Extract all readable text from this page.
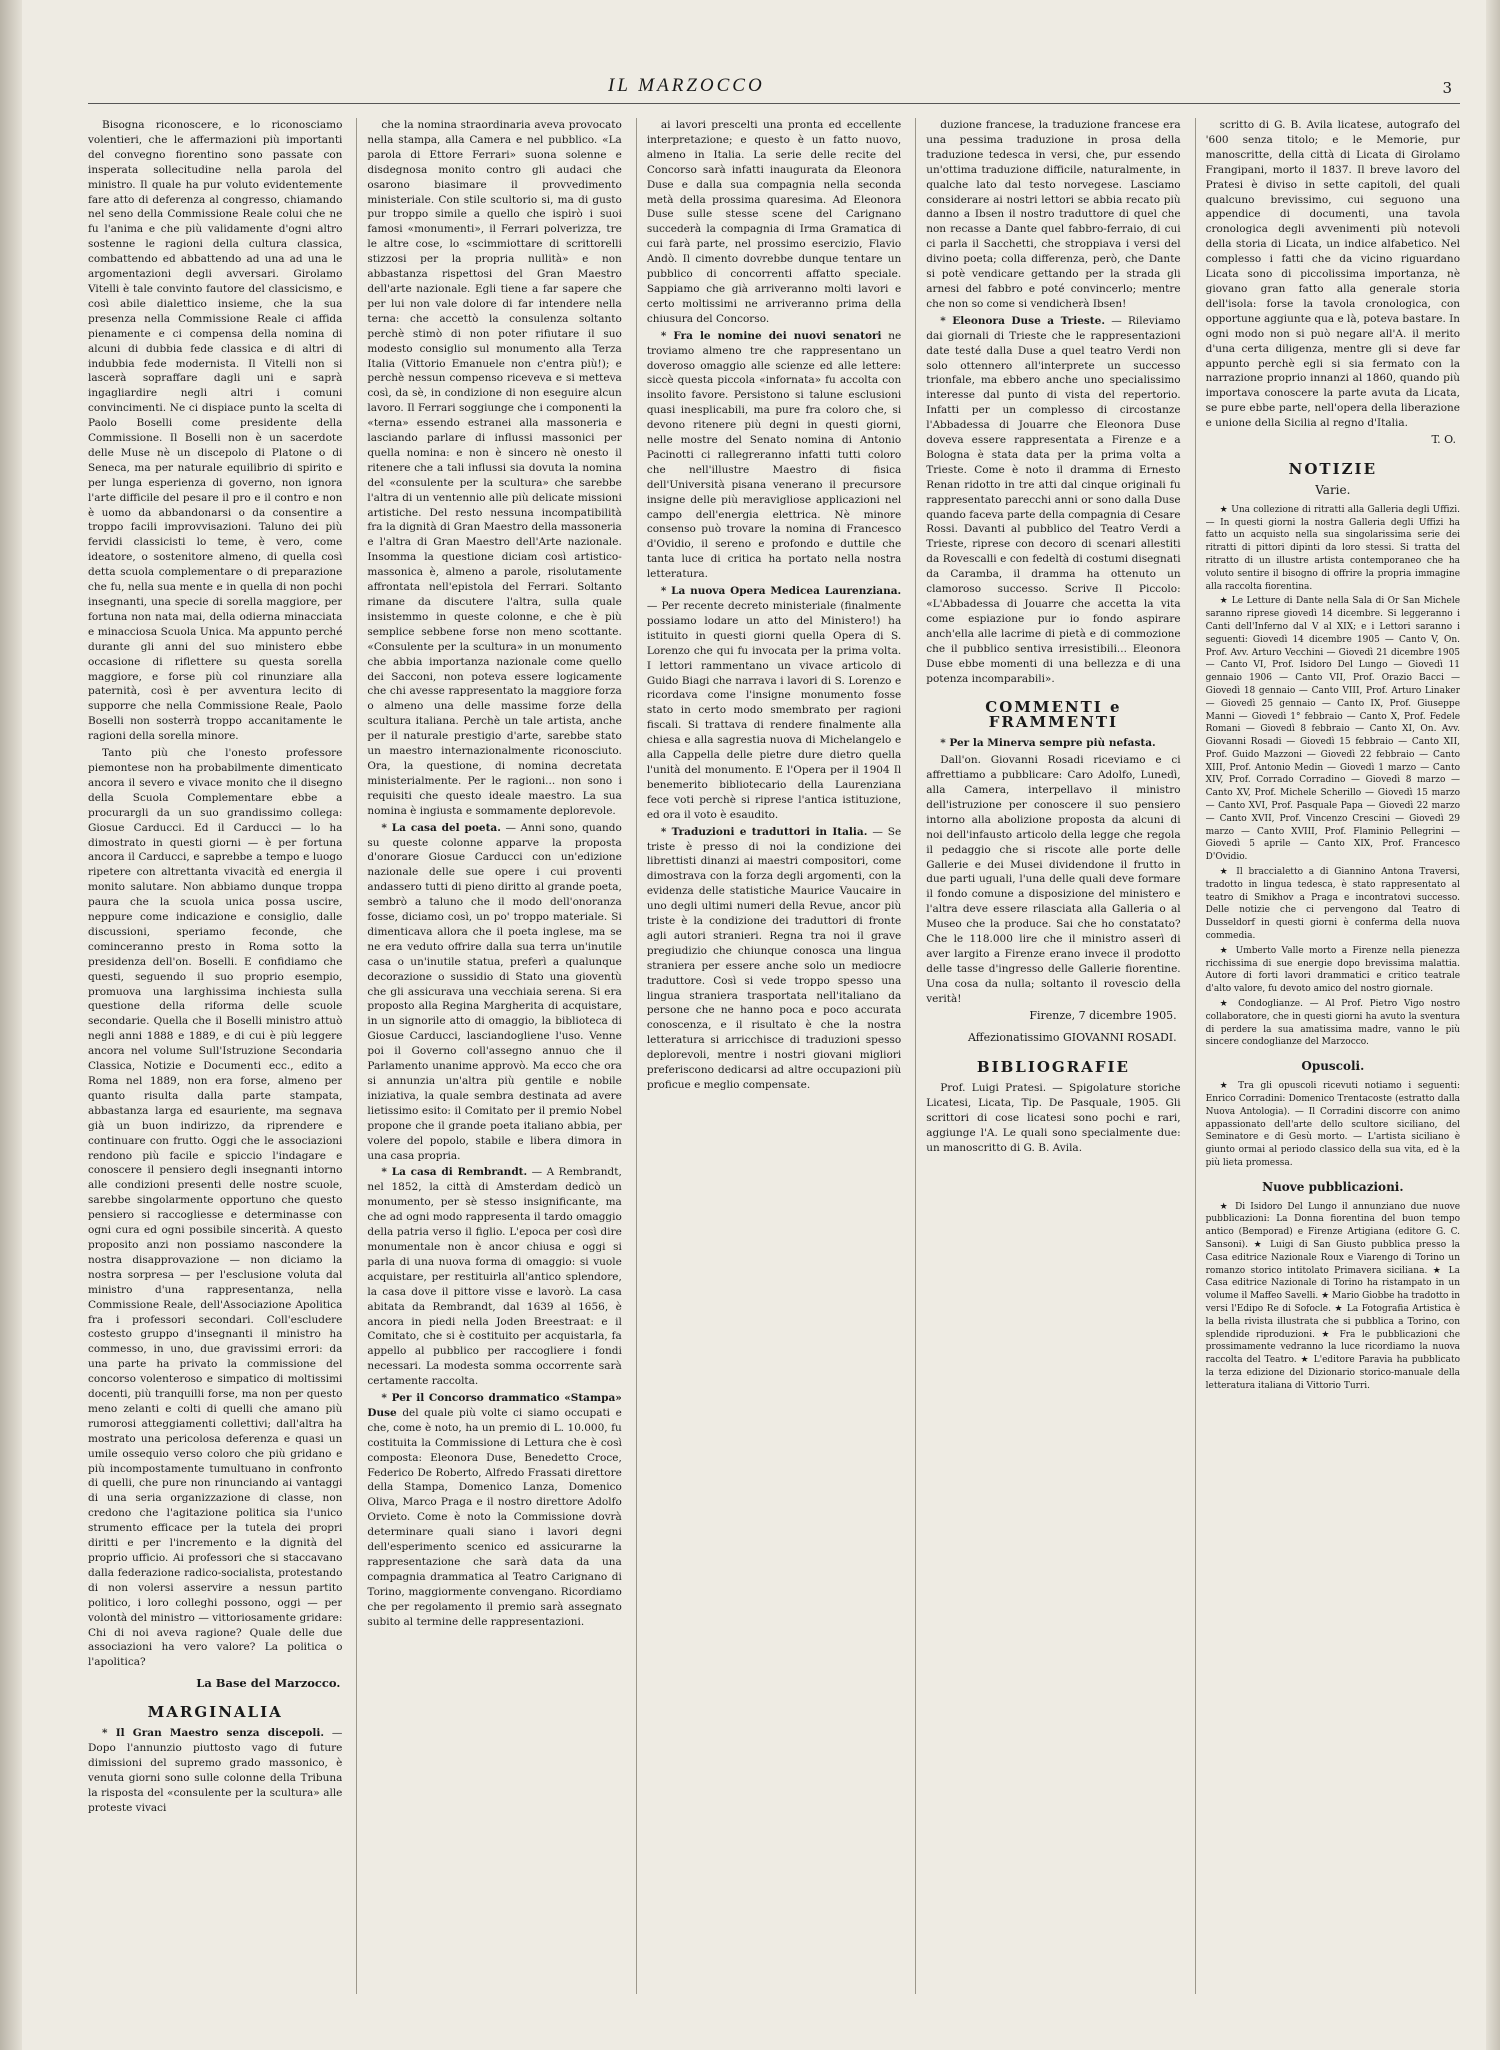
IL MARZOCCO	3

Bisogna riconoscere, e lo riconosciamo volentieri, che le affermazioni più importanti del convegno fiorentino sono passate con insperata sollecitudine nella parola del ministro. Il quale ha pur voluto evidentemente fare atto di deferenza al congresso, chiamando nel seno della Commissione Reale colui che ne fu l'anima e che più validamente d'ogni altro sostenne le ragioni della cultura classica, combattendo ed abbattendo ad una ad una le argomentazioni degli avversari. Girolamo Vitelli è tale convinto fautore del classicismo, e così abile dialettico insieme, che la sua presenza nella Commissione Reale ci affida pienamente e ci compensa della nomina di alcuni di dubbia fede classica e di altri di indubbia fede modernista. Il Vitelli non si lascerà sopraffare dagli uni e saprà ingagliardire negli altri i comuni convincimenti. Ne ci dispiace punto la scelta di Paolo Boselli come presidente della Commissione. Il Boselli non è un sacerdote delle Muse nè un discepolo di Platone o di Seneca, ma per naturale equilibrio di spirito e per lunga esperienza di governo, non ignora l'arte difficile del pesare il pro e il contro e non è uomo da abbandonarsi o da consentire a troppo facili improvvisazioni. Taluno dei più fervidi classicisti lo teme, è vero, come ideatore, o sostenitore almeno, di quella così detta scuola complementare o di preparazione che fu, nella sua mente e in quella di non pochi insegnanti, una specie di sorella maggiore, per fortuna non nata mai, della odierna minacciata e minacciosa Scuola Unica. Ma appunto perché durante gli anni del suo ministero ebbe occasione di riflettere su questa sorella maggiore, e forse più col rinunziare alla paternità, così è per avventura lecito di supporre che nella Commissione Reale, Paolo Boselli non sosterrà troppo accanitamente le ragioni della sorella minore.

Tanto più che l'onesto professore piemontese non ha probabilmente dimenticato ancora il severo e vivace monito che il disegno della Scuola Complementare ebbe a procurargli da un suo grandissimo collega: Giosue Carducci. Ed il Carducci — lo ha dimostrato in questi giorni — è per fortuna ancora il Carducci, e saprebbe a tempo e luogo ripetere con altrettanta vivacità ed energia il monito salutare. Non abbiamo dunque troppa paura che la scuola unica possa uscire, neppure come indicazione e consiglio, dalle discussioni, speriamo feconde, che cominceranno presto in Roma sotto la presidenza dell'on. Boselli. E confidiamo che questi, seguendo il suo proprio esempio, promuova una larghissima inchiesta sulla questione della riforma delle scuole secondarie. Quella che il Boselli ministro attuò negli anni 1888 e 1889, e di cui è più leggere ancora nel volume Sull'Istruzione Secondaria Classica, Notizie e Documenti ecc., edito a Roma nel 1889, non era forse, almeno per quanto risulta dalla parte stampata, abbastanza larga ed esauriente, ma segnava già un buon indirizzo, da riprendere e continuare con frutto. Oggi che le associazioni rendono più facile e spiccio l'indagare e conoscere il pensiero degli insegnanti intorno alle condizioni presenti delle nostre scuole, sarebbe singolarmente opportuno che questo pensiero si raccogliesse e determinasse con ogni cura ed ogni possibile sincerità. A questo proposito anzi non possiamo nascondere la nostra disapprovazione — non diciamo la nostra sorpresa — per l'esclusione voluta dal ministro d'una rappresentanza, nella Commissione Reale, dell'Associazione Apolitica fra i professori secondari. Coll'escludere costesto gruppo d'insegnanti il ministro ha commesso, in uno, due gravissimi errori: da una parte ha privato la commissione del concorso volenteroso e simpatico di moltissimi docenti, più tranquilli forse, ma non per questo meno zelanti e colti di quelli che amano più rumorosi atteggiamenti collettivi; dall'altra ha mostrato una pericolosa deferenza e quasi un umile ossequio verso coloro che più gridano e più incompostamente tumultuano in confronto di quelli, che pure non rinunciando ai vantaggi di una seria organizzazione di classe, non credono che l'agitazione politica sia l'unico strumento efficace per la tutela dei propri diritti e per l'incremento e la dignità del proprio ufficio. Ai professori che si staccavano dalla federazione radico-socialista, protestando di non volersi asservire a nessun partito politico, i loro colleghi possono, oggi — per volontà del ministro — vittoriosamente gridare: Chi di noi aveva ragione? Quale delle due associazioni ha vero valore? La politica o l'apolitica?

La Base del Marzocco.
MARGINALIA

* Il Gran Maestro senza discepoli. — Dopo l'annunzio piuttosto vago di future dimissioni del supremo grado massonico, è venuta giorni sono sulle colonne della Tribuna la risposta del «consulente per la scultura» alle proteste vivaci

che la nomina straordinaria aveva provocato nella stampa, alla Camera e nel pubblico. «La parola di Ettore Ferrari» suona solenne e disdegnosa monito contro gli audaci che osarono biasimare il provvedimento ministeriale. Con stile scultorio si, ma di gusto pur troppo simile a quello che ispirò i suoi famosi «monumenti», il Ferrari polverizza, tre le altre cose, lo «scimmiottare di scrittorelli stizzosi per la propria nullità» e non abbastanza rispettosi del Gran Maestro dell'arte nazionale. Egli tiene a far sapere che per lui non vale dolore di far intendere nella terna: che accettò la consulenza soltanto perchè stimò di non poter rifiutare il suo modesto consiglio sul monumento alla Terza Italia (Vittorio Emanuele non c'entra più!); e perchè nessun compenso riceveva e si metteva così, da sè, in condizione di non eseguire alcun lavoro. Il Ferrari soggiunge che i componenti la «terna» essendo estranei alla massoneria e lasciando parlare di influssi massonici per quella nomina: e non è sincero nè onesto il ritenere che a tali influssi sia dovuta la nomina del «consulente per la scultura» che sarebbe l'altra di un ventennio alle più delicate missioni artistiche. Del resto nessuna incompatibilità fra la dignità di Gran Maestro della massoneria e l'altra di Gran Maestro dell'Arte nazionale. Insomma la questione diciam così artistico-massonica è, almeno a parole, risolutamente affrontata nell'epistola del Ferrari. Soltanto rimane da discutere l'altra, sulla quale insistemmo in queste colonne, e che è più semplice sebbene forse non meno scottante. «Consulente per la scultura» in un monumento che abbia importanza nazionale come quello dei Sacconi, non poteva essere logicamente che chi avesse rappresentato la maggiore forza o almeno una delle massime forze della scultura italiana. Perchè un tale artista, anche per il naturale prestigio d'arte, sarebbe stato un maestro internazionalmente riconosciuto. Ora, la questione, di nomina decretata ministerialmente. Per le ragioni... non sono i requisiti che questo ideale maestro. La sua nomina è ingiusta e sommamente deplorevole.

* La casa del poeta. — Anni sono, quando su queste colonne apparve la proposta d'onorare Giosue Carducci con un'edizione nazionale delle sue opere i cui proventi andassero tutti di pieno diritto al grande poeta, sembrò a taluno che il modo dell'onoranza fosse, diciamo così, un po' troppo materiale. Si dimenticava allora che il poeta inglese, ma se ne era veduto offrire dalla sua terra un'inutile casa o un'inutile statua, preferì a qualunque decorazione o sussidio di Stato una gioventù che gli assicurava una vecchiaia serena. Si era proposto alla Regina Margherita di acquistare, in un signorile atto di omaggio, la biblioteca di Giosue Carducci, lasciandogliene l'uso. Venne poi il Governo coll'assegno annuo che il Parlamento unanime approvò. Ma ecco che ora si annunzia un'altra più gentile e nobile iniziativa, la quale sembra destinata ad avere lietissimo esito: il Comitato per il premio Nobel propone che il grande poeta italiano abbia, per volere del popolo, stabile e libera dimora in una casa propria.

* La casa di Rembrandt. — A Rembrandt, nel 1852, la città di Amsterdam dedicò un monumento, per sè stesso insignificante, ma che ad ogni modo rappresenta il tardo omaggio della patria verso il figlio. L'epoca per così dire monumentale non è ancor chiusa e oggi si parla di una nuova forma di omaggio: si vuole acquistare, per restituirla all'antico splendore, la casa dove il pittore visse e lavorò. La casa abitata da Rembrandt, dal 1639 al 1656, è ancora in piedi nella Joden Breestraat: e il Comitato, che si è costituito per acquistarla, fa appello al pubblico per raccogliere i fondi necessari. La modesta somma occorrente sarà certamente raccolta.

* Per il Concorso drammatico «Stampa» Duse del quale più volte ci siamo occupati e che, come è noto, ha un premio di L. 10.000, fu costituita la Commissione di Lettura che è così composta: Eleonora Duse, Benedetto Croce, Federico De Roberto, Alfredo Frassati direttore della Stampa, Domenico Lanza, Domenico Oliva, Marco Praga e il nostro direttore Adolfo Orvieto. Come è noto la Commissione dovrà determinare quali siano i lavori degni dell'esperimento scenico ed assicurarne la rappresentazione che sarà data da una compagnia drammatica al Teatro Carignano di Torino, maggiormente convengano. Ricordiamo che per regolamento il premio sarà assegnato subito al termine delle rappresentazioni.

ai lavori prescelti una pronta ed eccellente interpretazione; e questo è un fatto nuovo, almeno in Italia. La serie delle recite del Concorso sarà infatti inaugurata da Eleonora Duse e dalla sua compagnia nella seconda metà della prossima quaresima. Ad Eleonora Duse sulle stesse scene del Carignano succederà la compagnia di Irma Gramatica di cui farà parte, nel prossimo esercizio, Flavio Andò. Il cimento dovrebbe dunque tentare un pubblico di concorrenti affatto speciale. Sappiamo che già arriveranno molti lavori e certo moltissimi ne arriveranno prima della chiusura del Concorso.

* Fra le nomine dei nuovi senatori ne troviamo almeno tre che rappresentano un doveroso omaggio alle scienze ed alle lettere: siccè questa piccola «infornata» fu accolta con insolito favore. Persistono si talune esclusioni quasi inesplicabili, ma pure fra coloro che, si devono ritenere più degni in questi giorni, nelle mostre del Senato nomina di Antonio Pacinotti ci rallegreranno infatti tutti coloro che nell'illustre Maestro di fisica dell'Università pisana venerano il precursore insigne delle più meravigliose applicazioni nel campo dell'energia elettrica. Nè minore consenso può trovare la nomina di Francesco d'Ovidio, il sereno e profondo e duttile che tanta luce di critica ha portato nella nostra letteratura.

* La nuova Opera Medicea Laurenziana. — Per recente decreto ministeriale (finalmente possiamo lodare un atto del Ministero!) ha istituito in questi giorni quella Opera di S. Lorenzo che qui fu invocata per la prima volta. I lettori rammentano un vivace articolo di Guido Biagi che narrava i lavori di S. Lorenzo e ricordava come l'insigne monumento fosse stato in certo modo smembrato per ragioni fiscali. Si trattava di rendere finalmente alla chiesa e alla sagrestia nuova di Michelangelo e alla Cappella delle pietre dure dietro quella l'unità del monumento. E l'Opera per il 1904 Il benemerito bibliotecario della Laurenziana fece voti perchè si riprese l'antica istituzione, ed ora il voto è esaudito.

* Traduzioni e traduttori in Italia. — Se triste è presso di noi la condizione dei librettisti dinanzi ai maestri compositori, come dimostrava con la forza degli argomenti, con la evidenza delle statistiche Maurice Vaucaire in uno degli ultimi numeri della Revue, ancor più triste è la condizione dei traduttori di fronte agli autori stranieri. Regna tra noi il grave pregiudizio che chiunque conosca una lingua straniera per essere anche solo un mediocre traduttore. Così si vede troppo spesso una lingua straniera trasportata nell'italiano da persone che ne hanno poca e poco accurata conoscenza, e il risultato è che la nostra letteratura si arricchisce di traduzioni spesso deplorevoli, mentre i nostri giovani migliori preferiscono dedicarsi ad altre occupazioni più proficue e meglio compensate.

duzione francese, la traduzione francese era una pessima traduzione in prosa della traduzione tedesca in versi, che, pur essendo un'ottima traduzione difficile, naturalmente, in qualche lato dal testo norvegese. Lasciamo considerare ai nostri lettori se abbia recato più danno a Ibsen il nostro traduttore di quel che non recasse a Dante quel fabbro-ferraio, di cui ci parla il Sacchetti, che stroppiava i versi del divino poeta; colla differenza, però, che Dante si potè vendicare gettando per la strada gli arnesi del fabbro e poté convincerlo; mentre che non so come si vendicherà Ibsen!

* Eleonora Duse a Trieste. — Rileviamo dai giornali di Trieste che le rappresentazioni date testé dalla Duse a quel teatro Verdi non solo ottennero all'interprete un successo trionfale, ma ebbero anche uno specialissimo interesse dal punto di vista del repertorio. Infatti per un complesso di circostanze l'Abbadessa di Jouarre che Eleonora Duse doveva essere rappresentata a Firenze e a Bologna è stata data per la prima volta a Trieste. Come è noto il dramma di Ernesto Renan ridotto in tre atti dal cinque originali fu rappresentato parecchi anni or sono dalla Duse quando faceva parte della compagnia di Cesare Rossi. Davanti al pubblico del Teatro Verdi a Trieste, riprese con decoro di scenari allestiti da Rovescalli e con fedeltà di costumi disegnati da Caramba, il dramma ha ottenuto un clamoroso successo. Scrive Il Piccolo: «L'Abbadessa di Jouarre che accetta la vita come espiazione pur io fondo aspirare anch'ella alle lacrime di pietà e di commozione che il pubblico sentiva irresistibili... Eleonora Duse ebbe momenti di una bellezza e di una potenza incomparabili».

COMMENTI e FRAMMENTI

* Per la Minerva sempre più nefasta.

Dall'on. Giovanni Rosadi riceviamo e ci affrettiamo a pubblicare: Caro Adolfo, Lunedì, alla Camera, interpellavo il ministro dell'istruzione per conoscere il suo pensiero intorno alla abolizione proposta da alcuni di noi dell'infausto articolo della legge che regola il pedaggio che si riscote alle porte delle Gallerie e dei Musei dividendone il frutto in due parti uguali, l'una delle quali deve formare il fondo comune a disposizione del ministero e l'altra deve essere rilasciata alla Galleria o al Museo che la produce. Sai che ho constatato? Che le 118.000 lire che il ministro asserì di aver largito a Firenze erano invece il prodotto delle tasse d'ingresso delle Gallerie fiorentine. Una cosa da nulla; soltanto il rovescio della verità!

Firenze, 7 dicembre 1905.
Affezionatissimo GIOVANNI ROSADI.
BIBLIOGRAFIE

Prof. Luigi Pratesi. — Spigolature storiche Licatesi, Licata, Tip. De Pasquale, 1905. Gli scrittori di cose licatesi sono pochi e rari, aggiunge l'A. Le quali sono specialmente due: un manoscritto di G. B. Avila.

scritto di G. B. Avila licatese, autografo del '600 senza titolo; e le Memorie, pur manoscritte, della città di Licata di Girolamo Frangipani, morto il 1837. Il breve lavoro del Pratesi è diviso in sette capitoli, del quali qualcuno brevissimo, cui seguono una appendice di documenti, una tavola cronologica degli avvenimenti più notevoli della storia di Licata, un indice alfabetico. Nel complesso i fatti che da vicino riguardano Licata sono di piccolissima importanza, nè giovano gran fatto alla generale storia dell'isola: forse la tavola cronologica, con opportune aggiunte qua e là, poteva bastare. In ogni modo non si può negare all'A. il merito d'una certa diligenza, mentre gli si deve far appunto perchè egli si sia fermato con la narrazione proprio innanzi al 1860, quando più importava conoscere la parte avuta da Licata, se pure ebbe parte, nell'opera della liberazione e unione della Sicilia al regno d'Italia.

T. O.
NOTIZIE
Varie.

★ Una collezione di ritratti alla Galleria degli Uffizi. — In questi giorni la nostra Galleria degli Uffizi ha fatto un acquisto nella sua singolarissima serie dei ritratti di pittori dipinti da loro stessi. Si tratta del ritratto di un illustre artista contemporaneo che ha voluto sentire il bisogno di offrire la propria immagine alla raccolta fiorentina.

★ Le Letture di Dante nella Sala di Or San Michele saranno riprese giovedì 14 dicembre. Si leggeranno i Canti dell'Inferno dal V al XIX; e i Lettori saranno i seguenti: Giovedì 14 dicembre 1905 — Canto V, On. Prof. Avv. Arturo Vecchini — Giovedì 21 dicembre 1905 — Canto VI, Prof. Isidoro Del Lungo — Giovedì 11 gennaio 1906 — Canto VII, Prof. Orazio Bacci — Giovedì 18 gennaio — Canto VIII, Prof. Arturo Linaker — Giovedì 25 gennaio — Canto IX, Prof. Giuseppe Manni — Giovedì 1° febbraio — Canto X, Prof. Fedele Romani — Giovedì 8 febbraio — Canto XI, On. Avv. Giovanni Rosadi — Giovedì 15 febbraio — Canto XII, Prof. Guido Mazzoni — Giovedì 22 febbraio — Canto XIII, Prof. Antonio Medin — Giovedì 1 marzo — Canto XIV, Prof. Corrado Corradino — Giovedì 8 marzo — Canto XV, Prof. Michele Scherillo — Giovedì 15 marzo — Canto XVI, Prof. Pasquale Papa — Giovedì 22 marzo — Canto XVII, Prof. Vincenzo Crescini — Giovedì 29 marzo — Canto XVIII, Prof. Flaminio Pellegrini — Giovedì 5 aprile — Canto XIX, Prof. Francesco D'Ovidio.

★ Il braccialetto a di Giannino Antona Traversi, tradotto in lingua tedesca, è stato rappresentato al teatro di Smikhov a Praga e incontratovi successo. Delle notizie che ci pervengono dal Teatro di Dusseldorf in questi giorni è conferma della nuova commedia.

★ Umberto Valle morto a Firenze nella pienezza ricchissima di sue energie dopo brevissima malattia. Autore di forti lavori drammatici e critico teatrale d'alto valore, fu devoto amico del nostro giornale.

★ Condoglianze. — Al Prof. Pietro Vigo nostro collaboratore, che in questi giorni ha avuto la sventura di perdere la sua amatissima madre, vanno le più sincere condoglianze del Marzocco.

Opuscoli.

★ Tra gli opuscoli ricevuti notiamo i seguenti: Enrico Corradini: Domenico Trentacoste (estratto dalla Nuova Antologia). — Il Corradini discorre con animo appassionato dell'arte dello scultore siciliano, del Seminatore e di Gesù morto. — L'artista siciliano è giunto ormai al periodo classico della sua vita, ed è la più lieta promessa.

Nuove pubblicazioni.

★ Di Isidoro Del Lungo il annunziano due nuove pubblicazioni: La Donna fiorentina del buon tempo antico (Bemporad) e Firenze Artigiana (editore G. C. Sansoni). ★ Luigi di San Giusto pubblica presso la Casa editrice Nazionale Roux e Viarengo di Torino un romanzo storico intitolato Primavera siciliana. ★ La Casa editrice Nazionale di Torino ha ristampato in un volume il Maffeo Savelli. ★ Mario Giobbe ha tradotto in versi l'Edipo Re di Sofocle. ★ La Fotografia Artistica è la bella rivista illustrata che si pubblica a Torino, con splendide riproduzioni. ★ Fra le pubblicazioni che prossimamente vedranno la luce ricordiamo la nuova raccolta del Teatro. ★ L'editore Paravia ha pubblicato la terza edizione del Dizionario storico-manuale della letteratura italiana di Vittorio Turri.
